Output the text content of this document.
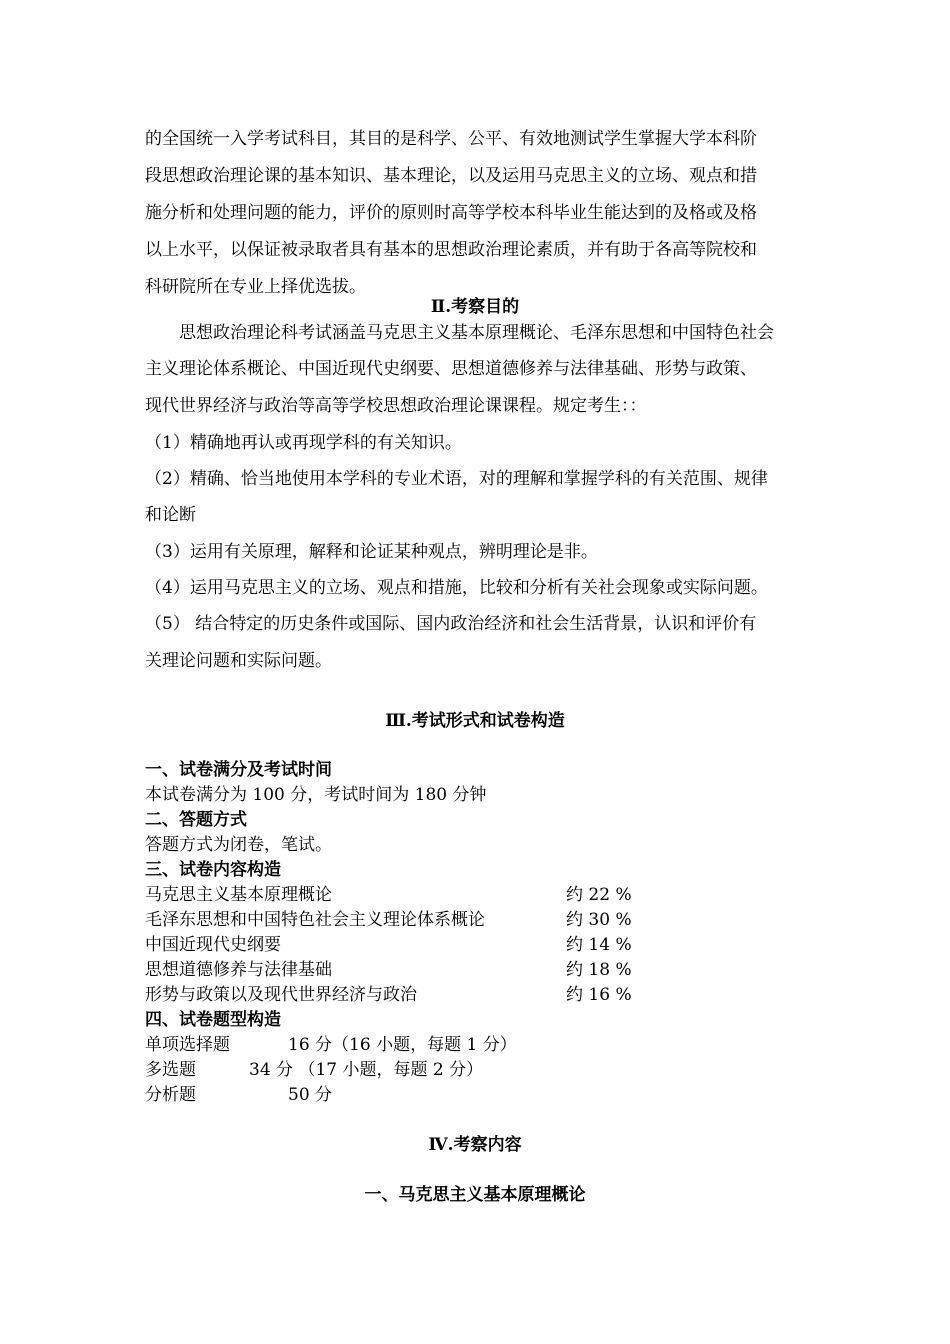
的全国统一入学考试科目，其目的是科学、公平、有效地测试学生掌握大学本科阶
段思想政治理论课的基本知识、基本理论，以及运用马克思主义的立场、观点和措
施分析和处理问题的能力，评价的原则时高等学校本科毕业生能达到的及格或及格
以上水平，以保证被录取者具有基本的思想政治理论素质，并有助于各高等院校和
科研院所在专业上择优选拔。
Ⅱ.考察目的
　　思想政治理论科考试涵盖马克思主义基本原理概论、毛泽东思想和中国特色社会
主义理论体系概论、中国近现代史纲要、思想道德修养与法律基础、形势与政策、
现代世界经济与政治等高等学校思想政治理论课课程。规定考生：：
（1）精确地再认或再现学科的有关知识。
（2）精确、恰当地使用本学科的专业术语，对的理解和掌握学科的有关范围、规律
和论断
（3）运用有关原理，解释和论证某种观点，辨明理论是非。
（4）运用马克思主义的立场、观点和措施，比较和分析有关社会现象或实际问题。
（5） 结合特定的历史条件或国际、国内政治经济和社会生活背景，认识和评价有
关理论问题和实际问题。
Ⅲ.考试形式和试卷构造
一、试卷满分及考试时间
本试卷满分为 100 分，考试时间为 180 分钟
二、答题方式
答题方式为闭卷，笔试。
三、试卷内容构造
马克思主义基本原理概论	约 22 %
毛泽东思想和中国特色社会主义理论体系概论	约 30 %
中国近现代史纲要	约 14 %
思想道德修养与法律基础	约 18 %
形势与政策以及现代世界经济与政治	约 16 %
四、试卷题型构造
单项选择题	16 分（16 小题，每题 1 分）
多选题	34 分 （17 小题，每题 2 分）
分析题	50 分
Ⅳ.考察内容
一、马克思主义基本原理概论
